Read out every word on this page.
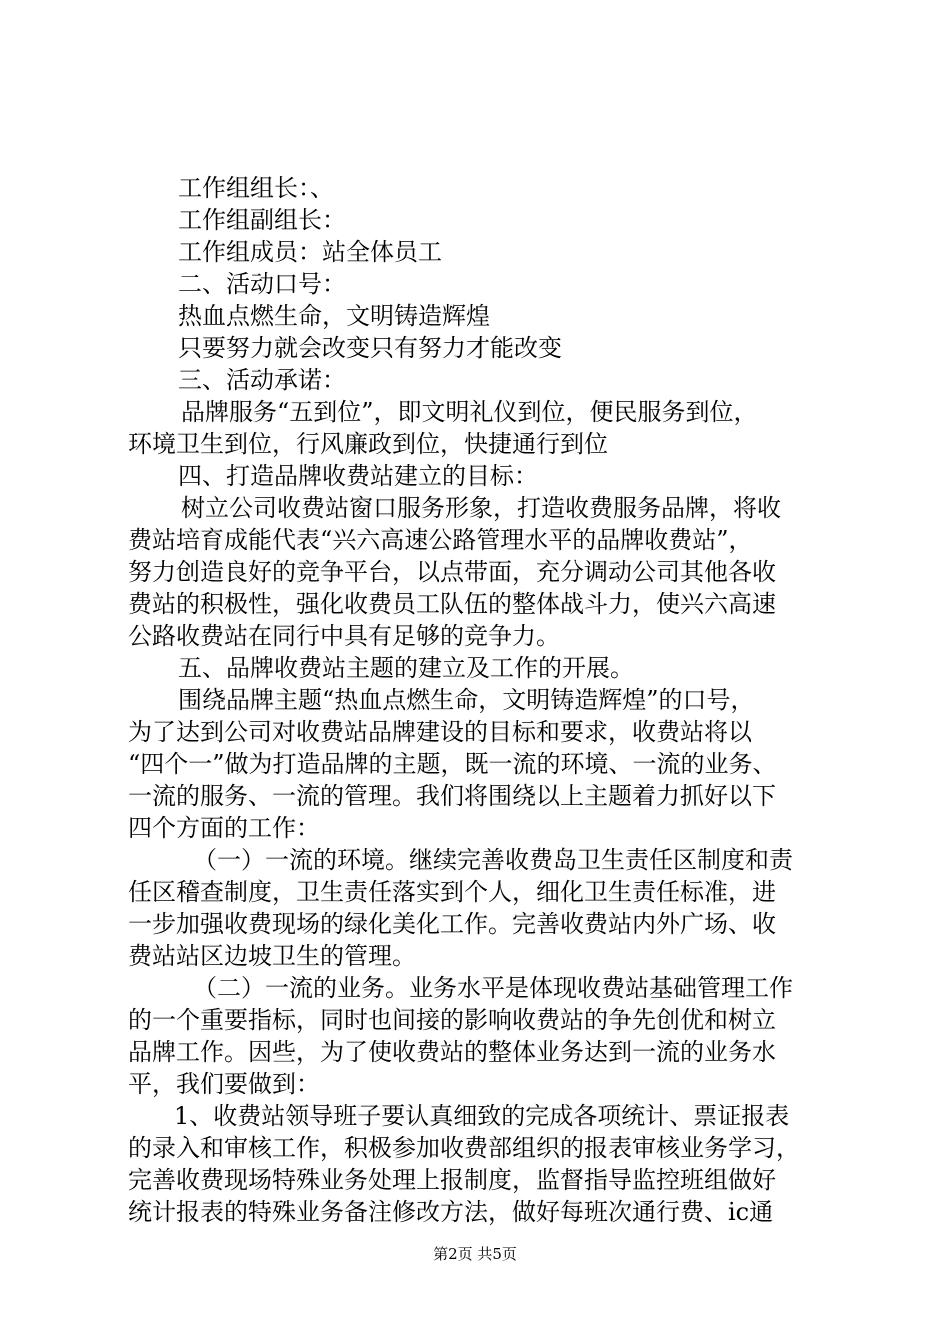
工作组组长：、
工作组副组长：
工作组成员：站全体员工
二、活动口号：
热血点燃生命，文明铸造辉煌
只要努力就会改变只有努力才能改变
三、活动承诺：
品牌服务“五到位”，即文明礼仪到位，便民服务到位，
环境卫生到位，行风廉政到位，快捷通行到位
四、打造品牌收费站建立的目标：
树立公司收费站窗口服务形象，打造收费服务品牌，将收
费站培育成能代表“兴六高速公路管理水平的品牌收费站”，
努力创造良好的竞争平台，以点带面，充分调动公司其他各收
费站的积极性，强化收费员工队伍的整体战斗力，使兴六高速
公路收费站在同行中具有足够的竞争力。
五、品牌收费站主题的建立及工作的开展。
围绕品牌主题“热血点燃生命，文明铸造辉煌”的口号，
为了达到公司对收费站品牌建设的目标和要求，收费站将以
“四个一”做为打造品牌的主题，既一流的环境、一流的业务、
一流的服务、一流的管理。我们将围绕以上主题着力抓好以下
四个方面的工作：
（一）一流的环境。继续完善收费岛卫生责任区制度和责
任区稽查制度，卫生责任落实到个人，细化卫生责任标准，进
一步加强收费现场的绿化美化工作。完善收费站内外广场、收
费站站区边坡卫生的管理。
（二）一流的业务。业务水平是体现收费站基础管理工作
的一个重要指标，同时也间接的影响收费站的争先创优和树立
品牌工作。因些，为了使收费站的整体业务达到一流的业务水
平，我们要做到：
1、收费站领导班子要认真细致的完成各项统计、票证报表
的录入和审核工作，积极参加收费部组织的报表审核业务学习，
完善收费现场特殊业务处理上报制度，监督指导监控班组做好
统计报表的特殊业务备注修改方法，做好每班次通行费、ic通
第2页 共5页
